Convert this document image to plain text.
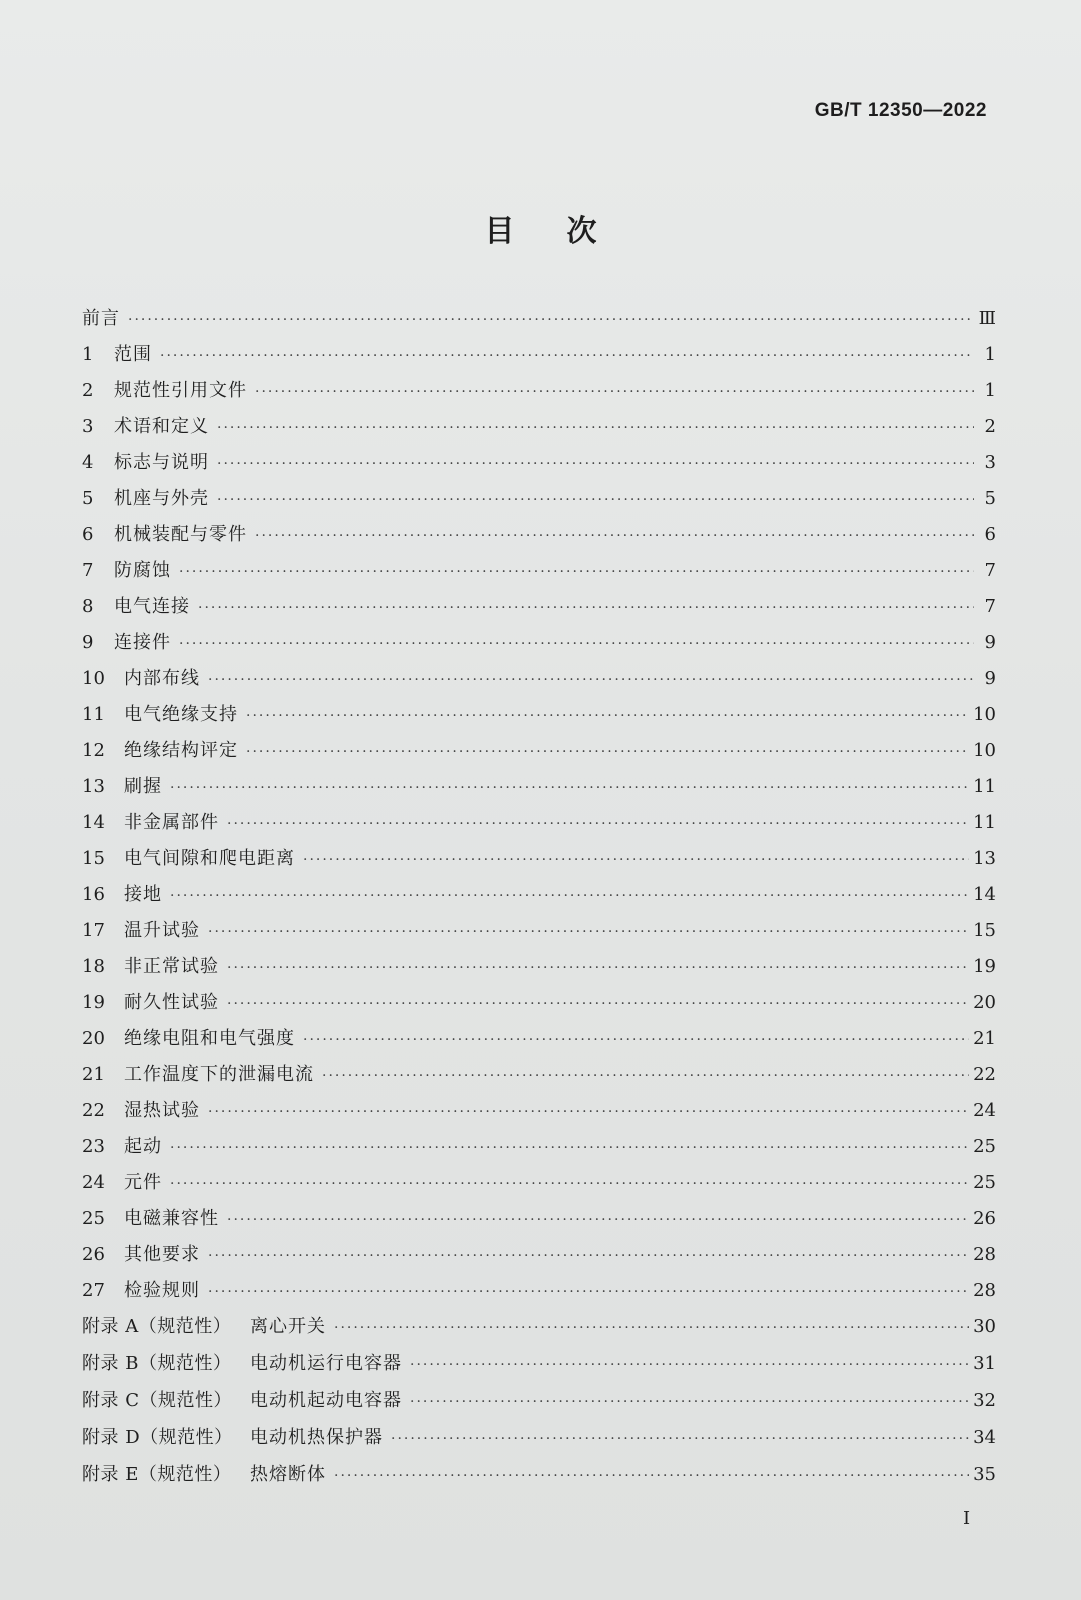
GB/T 12350—2022
目次
前言 ·····	Ⅲ
1	范围 ·····	1
2	规范性引用文件 ·····	1
3	术语和定义 ·····	2
4	标志与说明 ·····	3
5	机座与外壳 ·····	5
6	机械装配与零件 ·····	6
7	防腐蚀 ·····	7
8	电气连接 ·····	7
9	连接件 ·····	9
10	内部布线 ·····	9
11	电气绝缘支持 ·····	10
12	绝缘结构评定 ·····	10
13	刷握 ·····	11
14	非金属部件 ·····	11
15	电气间隙和爬电距离 ·····	13
16	接地 ·····	14
17	温升试验 ·····	15
18	非正常试验 ·····	19
19	耐久性试验 ·····	20
20	绝缘电阻和电气强度 ·····	21
21	工作温度下的泄漏电流 ·····	22
22	湿热试验 ·····	24
23	起动 ·····	25
24	元件 ·····	25
25	电磁兼容性 ·····	26
26	其他要求 ·····	28
27	检验规则 ·····	28
附录 A（规范性）	离心开关 ·····	30
附录 B（规范性）	电动机运行电容器 ·····	31
附录 C（规范性）	电动机起动电容器 ·····	32
附录 D（规范性） 电动机热保护器 ·····	34
附录 E（规范性）	热熔断体 ·····	35
I
